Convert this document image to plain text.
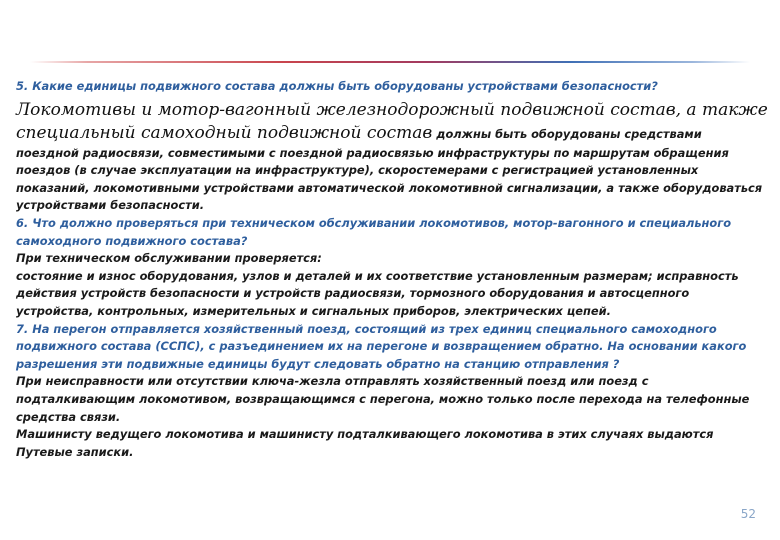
5. Какие единицы подвижного состава должны быть оборудованы устройствами безопасности?

Локомотивы и мотор-вагонный железнодорожный подвижной состав, а также
специальный самоходный подвижной состав должны быть оборудованы средствами

поездной радиосвязи, совместимыми с поездной радиосвязью инфраструктуры по маршрутам обращения поездов (в случае эксплуатации на инфраструктуре), скоростемерами с регистрацией установленных показаний, локомотивными устройствами автоматической локомотивной сигнализации, а также оборудоваться устройствами безопасности.

6. Что должно проверяться при техническом обслуживании локомотивов, мотор-вагонного и специального самоходного подвижного состава?

При техническом обслуживании проверяется:

состояние и износ оборудования, узлов и деталей и их соответствие установленным размерам; исправность действия устройств безопасности и устройств радиосвязи, тормозного оборудования и автосцепного устройства, контрольных, измерительных и сигнальных приборов, электрических цепей.

7. На перегон отправляется хозяйственный поезд, состоящий из трех единиц специального самоходного подвижного состава (ССПС), с разъединением их на перегоне и возвращением обратно. На основании какого разрешения эти подвижные единицы будут следовать обратно на станцию отправления ?

При неисправности или отсутствии ключа-жезла отправлять хозяйственный поезд или поезд с подталкивающим локомотивом, возвращающимся с перегона, можно только после перехода на телефонные средства связи.

Машинисту ведущего локомотива и машинисту подталкивающего локомотива в этих случаях выдаются Путевые записки.

52
